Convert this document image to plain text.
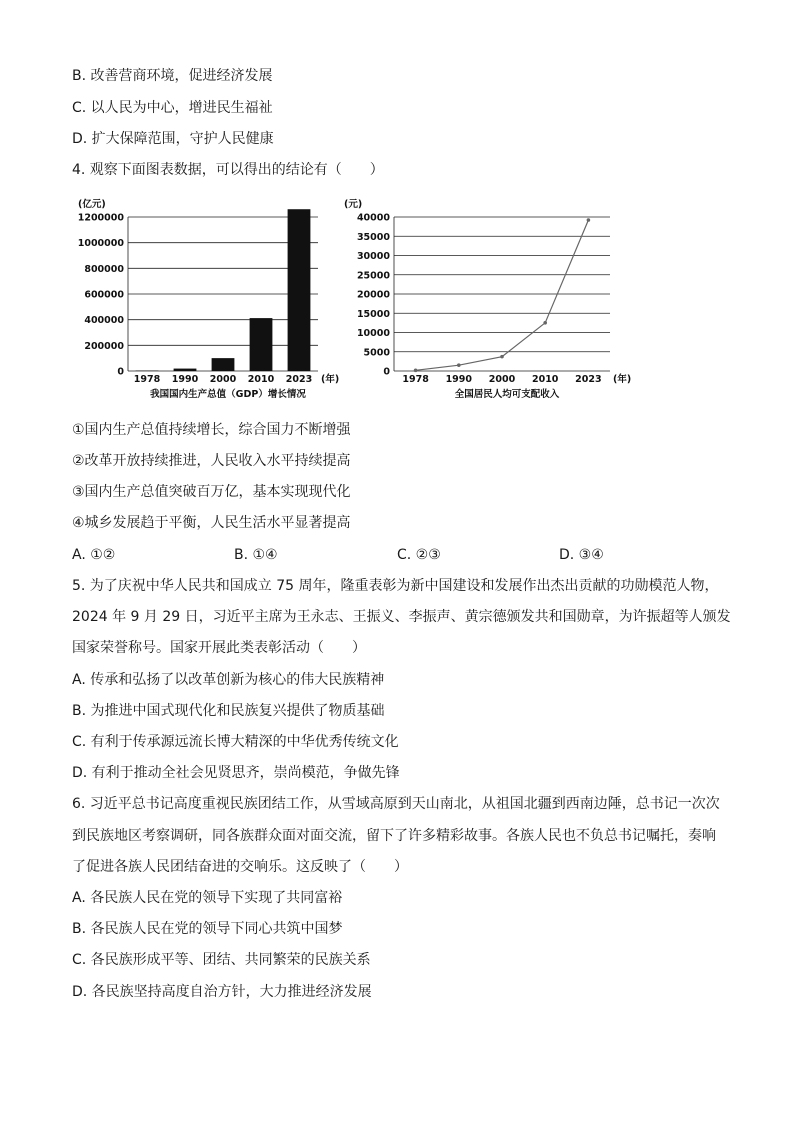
B. 改善营商环境，促进经济发展
C. 以人民为中心，增进民生福祉
D. 扩大保障范围，守护人民健康
4. 观察下面图表数据，可以得出的结论有（　　）
(亿元)
0
200000
400000
600000
800000
1000000
1200000
1978 1990 2000 2010 2023 (年)
我国国内生产总值（GDP）增长情况
(元)
0
5000
10000
15000
20000
25000
30000
35000
40000
1978 1990 2000 2010 2023 (年)
全国居民人均可支配收入
①国内生产总值持续增长，综合国力不断增强
②改革开放持续推进，人民收入水平持续提高
③国内生产总值突破百万亿，基本实现现代化
④城乡发展趋于平衡，人民生活水平显著提高
A. ①②	B. ①④	C. ②③	D. ③④
5. 为了庆祝中华人民共和国成立 75 周年，隆重表彰为新中国建设和发展作出杰出贡献的功勋模范人物，
2024 年 9 月 29 日，习近平主席为王永志、王振义、李振声、黄宗德颁发共和国勋章，为许振超等人颁发
国家荣誉称号。国家开展此类表彰活动（　　）
A. 传承和弘扬了以改革创新为核心的伟大民族精神
B. 为推进中国式现代化和民族复兴提供了物质基础
C. 有利于传承源远流长博大精深的中华优秀传统文化
D. 有利于推动全社会见贤思齐，崇尚模范，争做先锋
6. 习近平总书记高度重视民族团结工作，从雪域高原到天山南北，从祖国北疆到西南边陲，总书记一次次
到民族地区考察调研，同各族群众面对面交流，留下了许多精彩故事。各族人民也不负总书记嘱托，奏响
了促进各族人民团结奋进的交响乐。这反映了（　　）
A. 各民族人民在党的领导下实现了共同富裕
B. 各民族人民在党的领导下同心共筑中国梦
C. 各民族形成平等、团结、共同繁荣的民族关系
D. 各民族坚持高度自治方针，大力推进经济发展
